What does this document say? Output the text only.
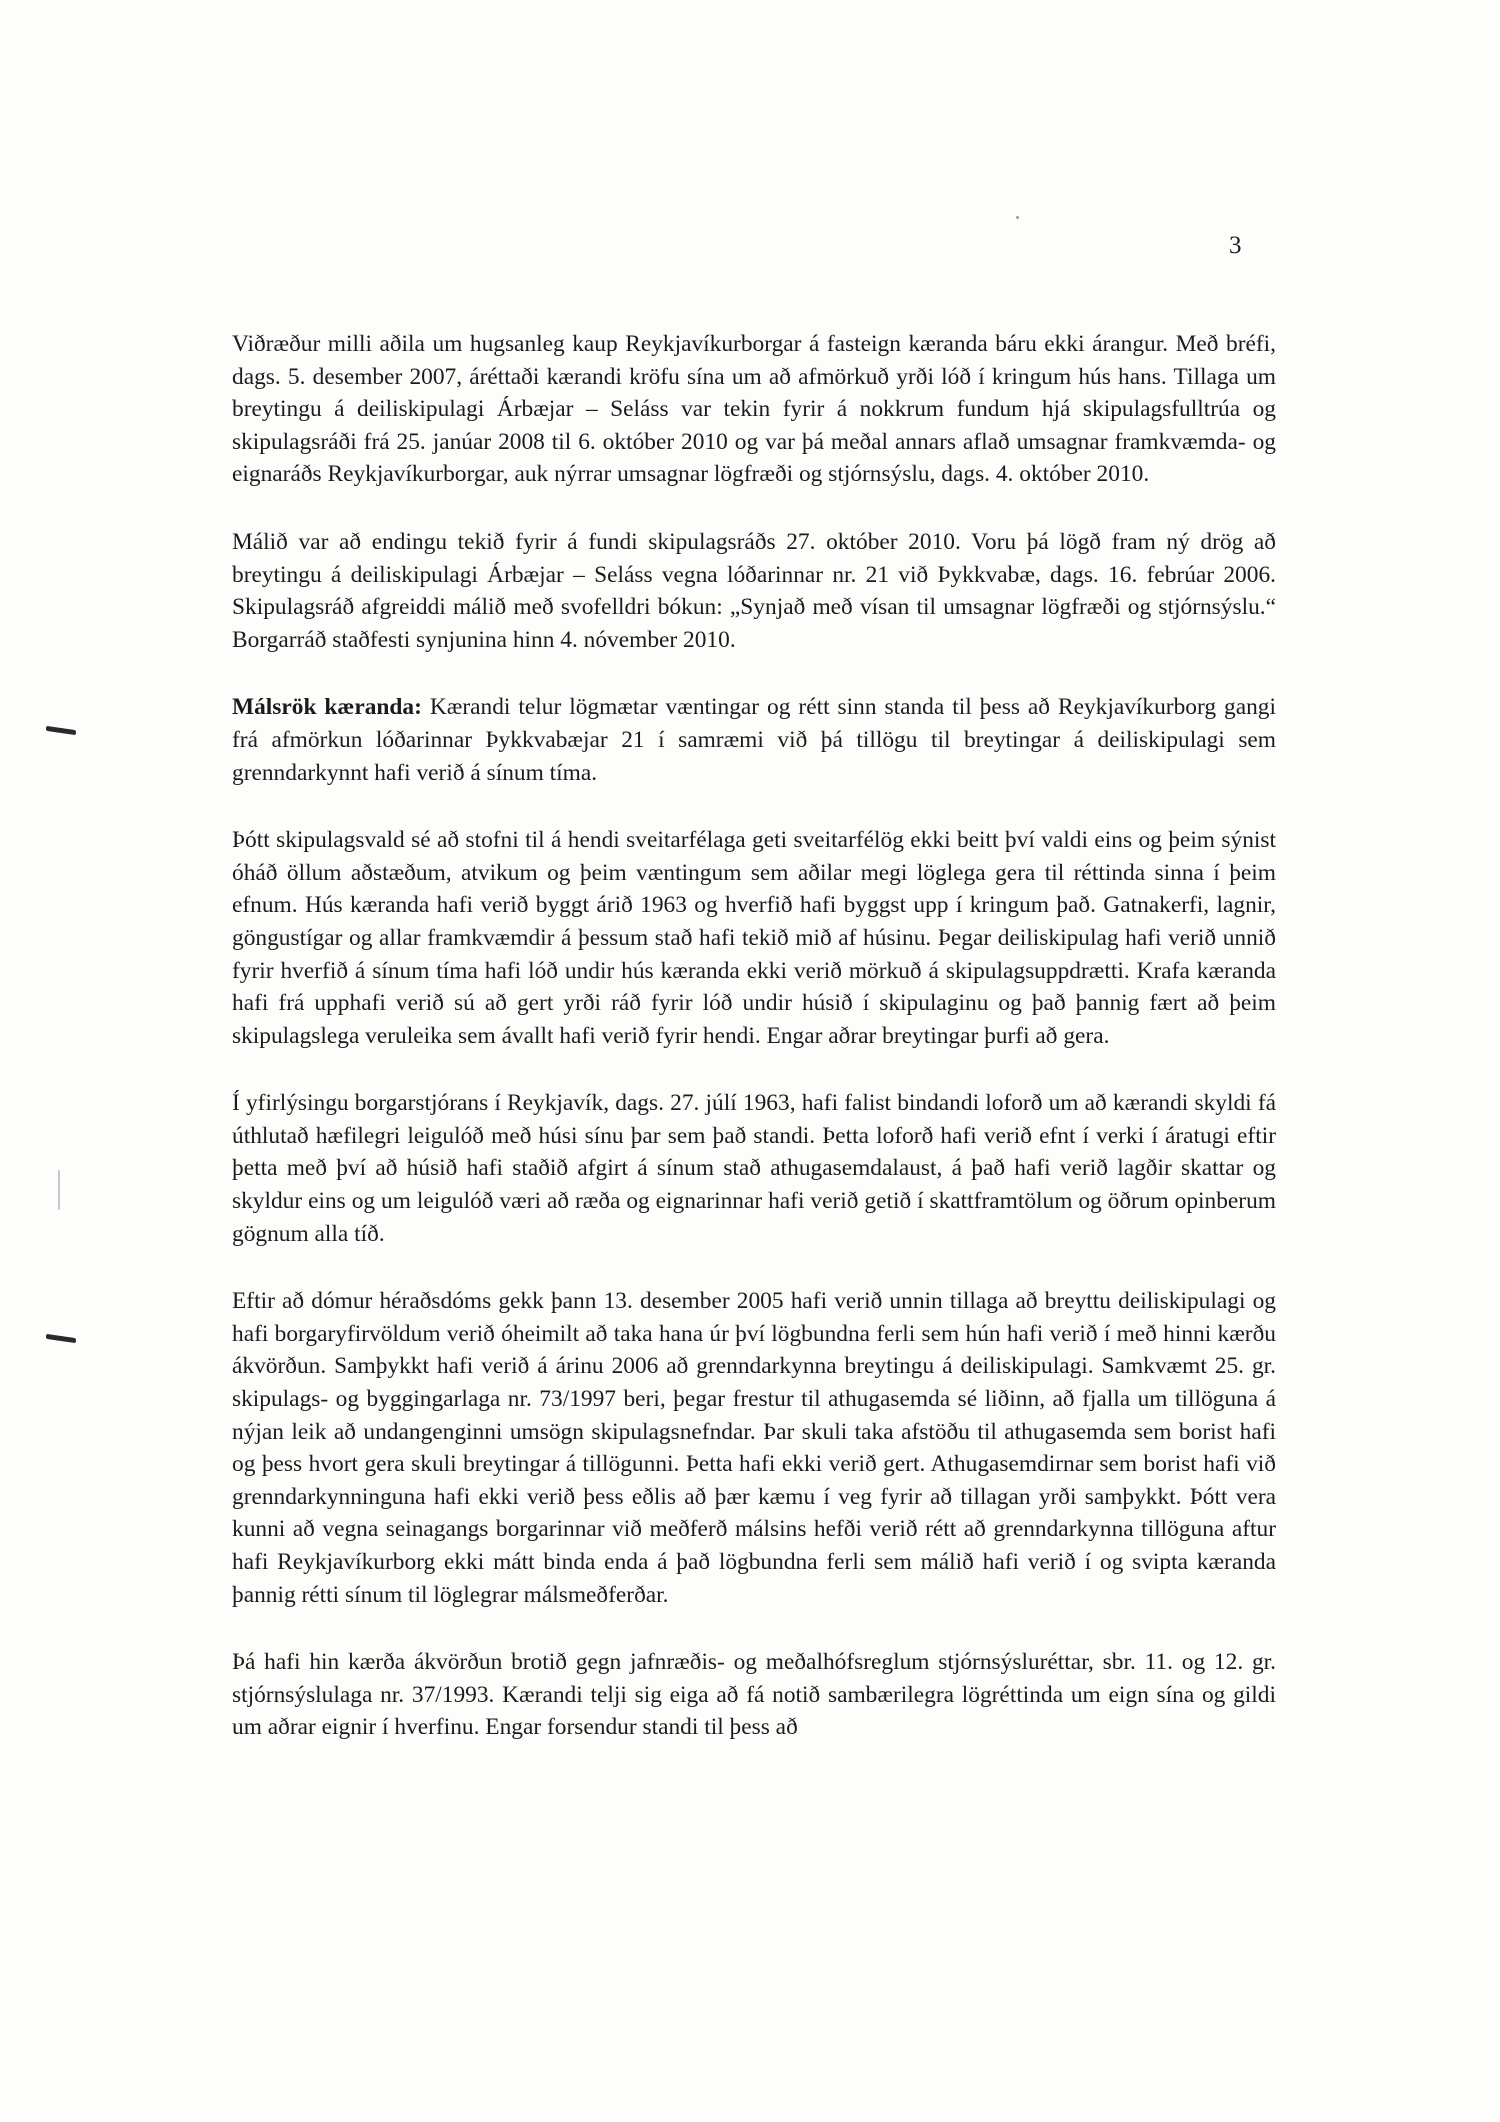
3

Viðræður milli aðila um hugsanleg kaup Reykjavíkurborgar á fasteign kæranda báru ekki árangur. Með bréfi, dags. 5. desember 2007, áréttaði kærandi kröfu sína um að afmörkuð yrði lóð í kringum hús hans. Tillaga um breytingu á deiliskipulagi Árbæjar – Seláss var tekin fyrir á nokkrum fundum hjá skipulagsfulltrúa og skipulagsráði frá 25. janúar 2008 til 6. október 2010 og var þá meðal annars aflað umsagnar framkvæmda- og eignaráðs Reykjavíkurborgar, auk nýrrar umsagnar lögfræði og stjórnsýslu, dags. 4. október 2010.

Málið var að endingu tekið fyrir á fundi skipulagsráðs 27. október 2010. Voru þá lögð fram ný drög að breytingu á deiliskipulagi Árbæjar – Seláss vegna lóðarinnar nr. 21 við Þykkvabæ, dags. 16. febrúar 2006. Skipulagsráð afgreiddi málið með svofelldri bókun: „Synjað með vísan til umsagnar lögfræði og stjórnsýslu.“ Borgarráð staðfesti synjunina hinn 4. nóvember 2010.

Málsrök kæranda: Kærandi telur lögmætar væntingar og rétt sinn standa til þess að Reykjavíkurborg gangi frá afmörkun lóðarinnar Þykkvabæjar 21 í samræmi við þá tillögu til breytingar á deiliskipulagi sem grenndarkynnt hafi verið á sínum tíma.

Þótt skipulagsvald sé að stofni til á hendi sveitarfélaga geti sveitarfélög ekki beitt því valdi eins og þeim sýnist óháð öllum aðstæðum, atvikum og þeim væntingum sem aðilar megi löglega gera til réttinda sinna í þeim efnum. Hús kæranda hafi verið byggt árið 1963 og hverfið hafi byggst upp í kringum það. Gatnakerfi, lagnir, göngustígar og allar framkvæmdir á þessum stað hafi tekið mið af húsinu. Þegar deiliskipulag hafi verið unnið fyrir hverfið á sínum tíma hafi lóð undir hús kæranda ekki verið mörkuð á skipulagsuppdrætti. Krafa kæranda hafi frá upphafi verið sú að gert yrði ráð fyrir lóð undir húsið í skipulaginu og það þannig fært að þeim skipulagslega veruleika sem ávallt hafi verið fyrir hendi. Engar aðrar breytingar þurfi að gera.

Í yfirlýsingu borgarstjórans í Reykjavík, dags. 27. júlí 1963, hafi falist bindandi loforð um að kærandi skyldi fá úthlutað hæfilegri leigulóð með húsi sínu þar sem það standi. Þetta loforð hafi verið efnt í verki í áratugi eftir þetta með því að húsið hafi staðið afgirt á sínum stað athugasemdalaust, á það hafi verið lagðir skattar og skyldur eins og um leigulóð væri að ræða og eignarinnar hafi verið getið í skattframtölum og öðrum opinberum gögnum alla tíð.

Eftir að dómur héraðsdóms gekk þann 13. desember 2005 hafi verið unnin tillaga að breyttu deiliskipulagi og hafi borgaryfirvöldum verið óheimilt að taka hana úr því lögbundna ferli sem hún hafi verið í með hinni kærðu ákvörðun. Samþykkt hafi verið á árinu 2006 að grenndarkynna breytingu á deiliskipulagi. Samkvæmt 25. gr. skipulags- og byggingarlaga nr. 73/1997 beri, þegar frestur til athugasemda sé liðinn, að fjalla um tillöguna á nýjan leik að undangenginni umsögn skipulagsnefndar. Þar skuli taka afstöðu til athugasemda sem borist hafi og þess hvort gera skuli breytingar á tillögunni. Þetta hafi ekki verið gert. Athugasemdirnar sem borist hafi við grenndarkynninguna hafi ekki verið þess eðlis að þær kæmu í veg fyrir að tillagan yrði samþykkt. Þótt vera kunni að vegna seinagangs borgarinnar við meðferð málsins hefði verið rétt að grenndarkynna tillöguna aftur hafi Reykjavíkurborg ekki mátt binda enda á það lögbundna ferli sem málið hafi verið í og svipta kæranda þannig rétti sínum til löglegrar málsmeðferðar.

Þá hafi hin kærða ákvörðun brotið gegn jafnræðis- og meðalhófsreglum stjórnsýsluréttar, sbr. 11. og 12. gr. stjórnsýslulaga nr. 37/1993. Kærandi telji sig eiga að fá notið sambærilegra lögréttinda um eign sína og gildi um aðrar eignir í hverfinu. Engar forsendur standi til þess að
